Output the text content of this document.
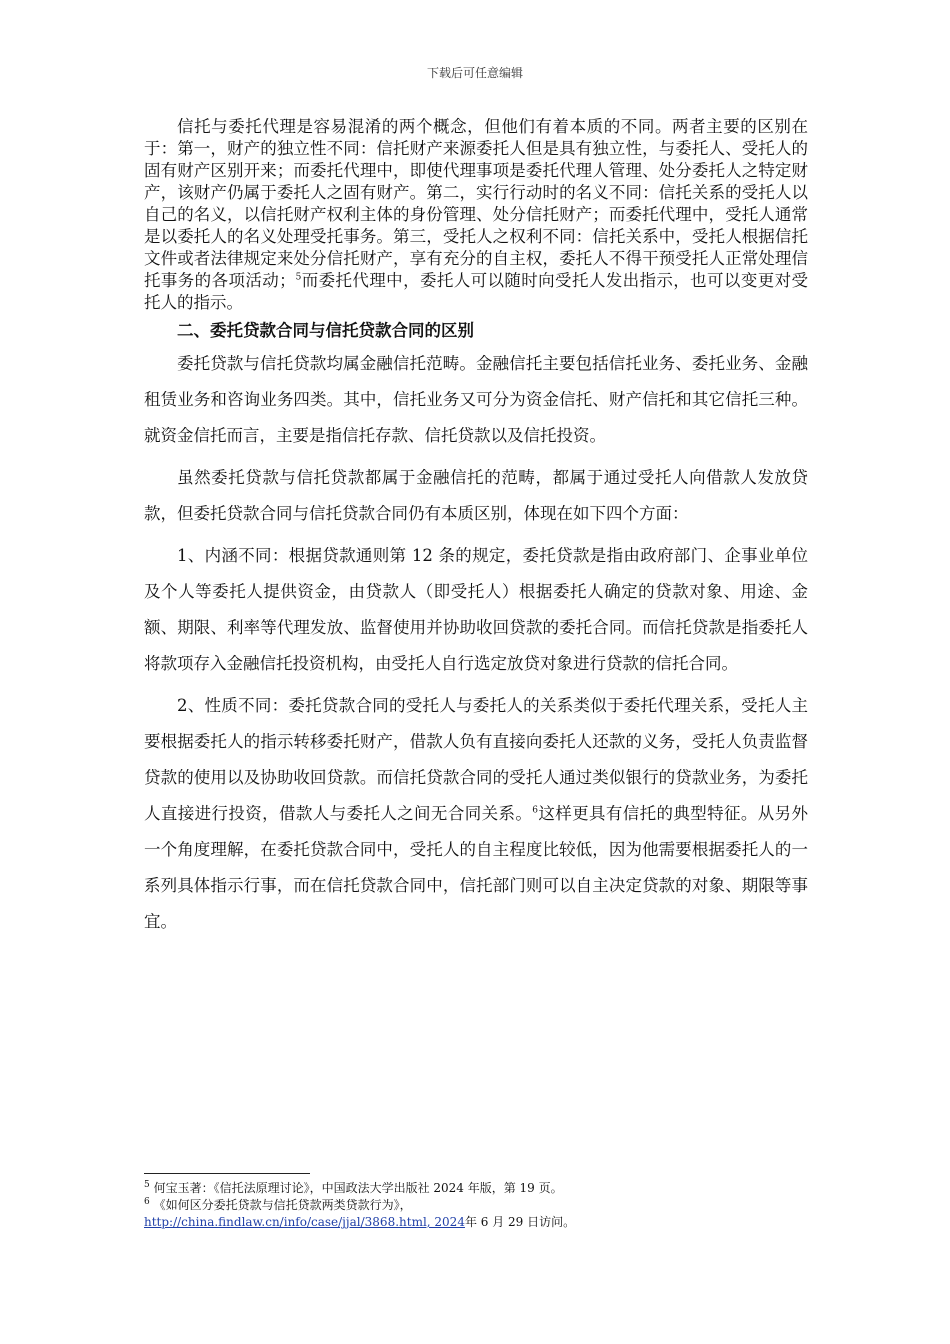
下载后可任意编辑

信托与委托代理是容易混淆的两个概念，但他们有着本质的不同。两者主要的区别在于：第一，财产的独立性不同：信托财产来源委托人但是具有独立性，与委托人、受托人的固有财产区别开来；而委托代理中，即使代理事项是委托代理人管理、处分委托人之特定财产，该财产仍属于委托人之固有财产。第二，实行行动时的名义不同：信托关系的受托人以自己的名义，以信托财产权利主体的身份管理、处分信托财产；而委托代理中，受托人通常是以委托人的名义处理受托事务。第三，受托人之权利不同：信托关系中，受托人根据信托文件或者法律规定来处分信托财产，享有充分的自主权，委托人不得干预受托人正常处理信托事务的各项活动；$^5$而委托代理中，委托人可以随时向受托人发出指示，也可以变更对受托人的指示。

二、委托贷款合同与信托贷款合同的区别

委托贷款与信托贷款均属金融信托范畴。金融信托主要包括信托业务、委托业务、金融租赁业务和咨询业务四类。其中，信托业务又可分为资金信托、财产信托和其它信托三种。就资金信托而言，主要是指信托存款、信托贷款以及信托投资。

虽然委托贷款与信托贷款都属于金融信托的范畴，都属于通过受托人向借款人发放贷款，但委托贷款合同与信托贷款合同仍有本质区别，体现在如下四个方面：

1、内涵不同：根据贷款通则第 12 条的规定，委托贷款是指由政府部门、企事业单位及个人等委托人提供资金，由贷款人（即受托人）根据委托人确定的贷款对象、用途、金额、期限、利率等代理发放、监督使用并协助收回贷款的委托合同。而信托贷款是指委托人将款项存入金融信托投资机构，由受托人自行选定放贷对象进行贷款的信托合同。

2、性质不同：委托贷款合同的受托人与委托人的关系类似于委托代理关系，受托人主要根据委托人的指示转移委托财产，借款人负有直接向委托人还款的义务，受托人负责监督贷款的使用以及协助收回贷款。而信托贷款合同的受托人通过类似银行的贷款业务，为委托人直接进行投资，借款人与委托人之间无合同关系。$^6$这样更具有信托的典型特征。从另外一个角度理解，在委托贷款合同中，受托人的自主程度比较低，因为他需要根据委托人的一系列具体指示行事，而在信托贷款合同中，信托部门则可以自主决定贷款的对象、期限等事宜。

$^5$ 何宝玉著：《信托法原理讨论》，中国政法大学出版社 2024 年版，第 19 页。

$^6$ 《如何区分委托贷款与信托贷款两类贷款行为》，
http://china.findlaw.cn/info/case/jjal/3868.html, 2024年 6 月 29 日访问。
